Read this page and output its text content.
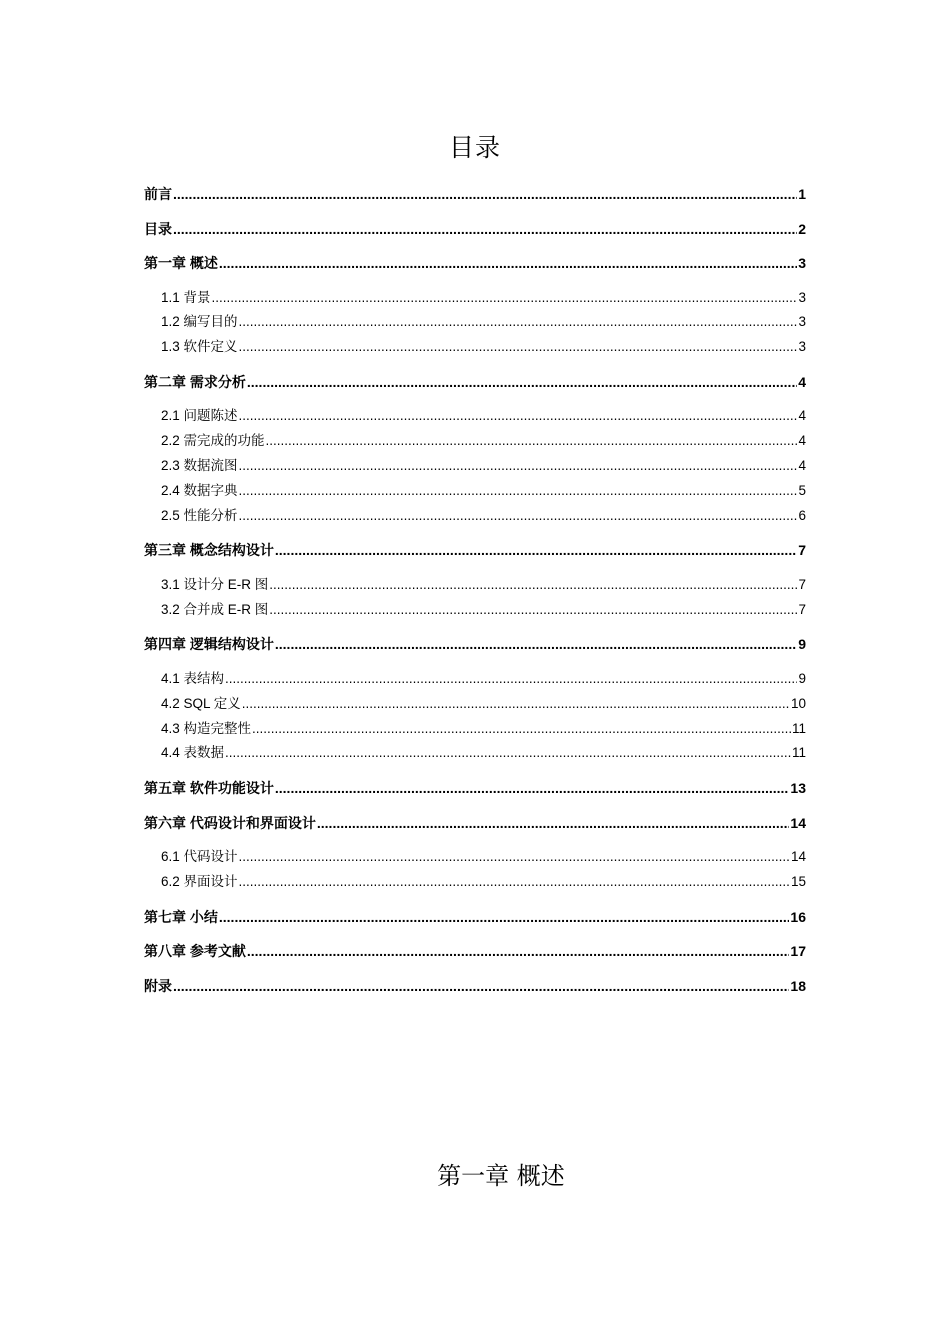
目录
前言 .....	1
目录 .....	2
第一章 概述 .....	3
1.1 背景 .....	3
1.2 编写目的 .....	3
1.3 软件定义 .....	3
第二章 需求分析 .....	4
2.1 问题陈述 .....	4
2.2 需完成的功能 .....	4
2.3 数据流图 .....	4
2.4 数据字典 .....	5
2.5 性能分析 .....	6
第三章 概念结构设计 .....	7
3.1 设计分 E-R 图 .....	7
3.2 合并成 E-R 图 .....	7
第四章 逻辑结构设计 .....	9
4.1 表结构 .....	9
4.2 SQL 定义 .....	10
4.3 构造完整性 .....	11
4.4 表数据 .....	11
第五章 软件功能设计 .....	13
第六章 代码设计和界面设计 .....	14
6.1 代码设计 .....	14
6.2 界面设计 .....	15
第七章 小结 .....	16
第八章 参考文献 .....	17
附录 .....	18
第一章 概述
